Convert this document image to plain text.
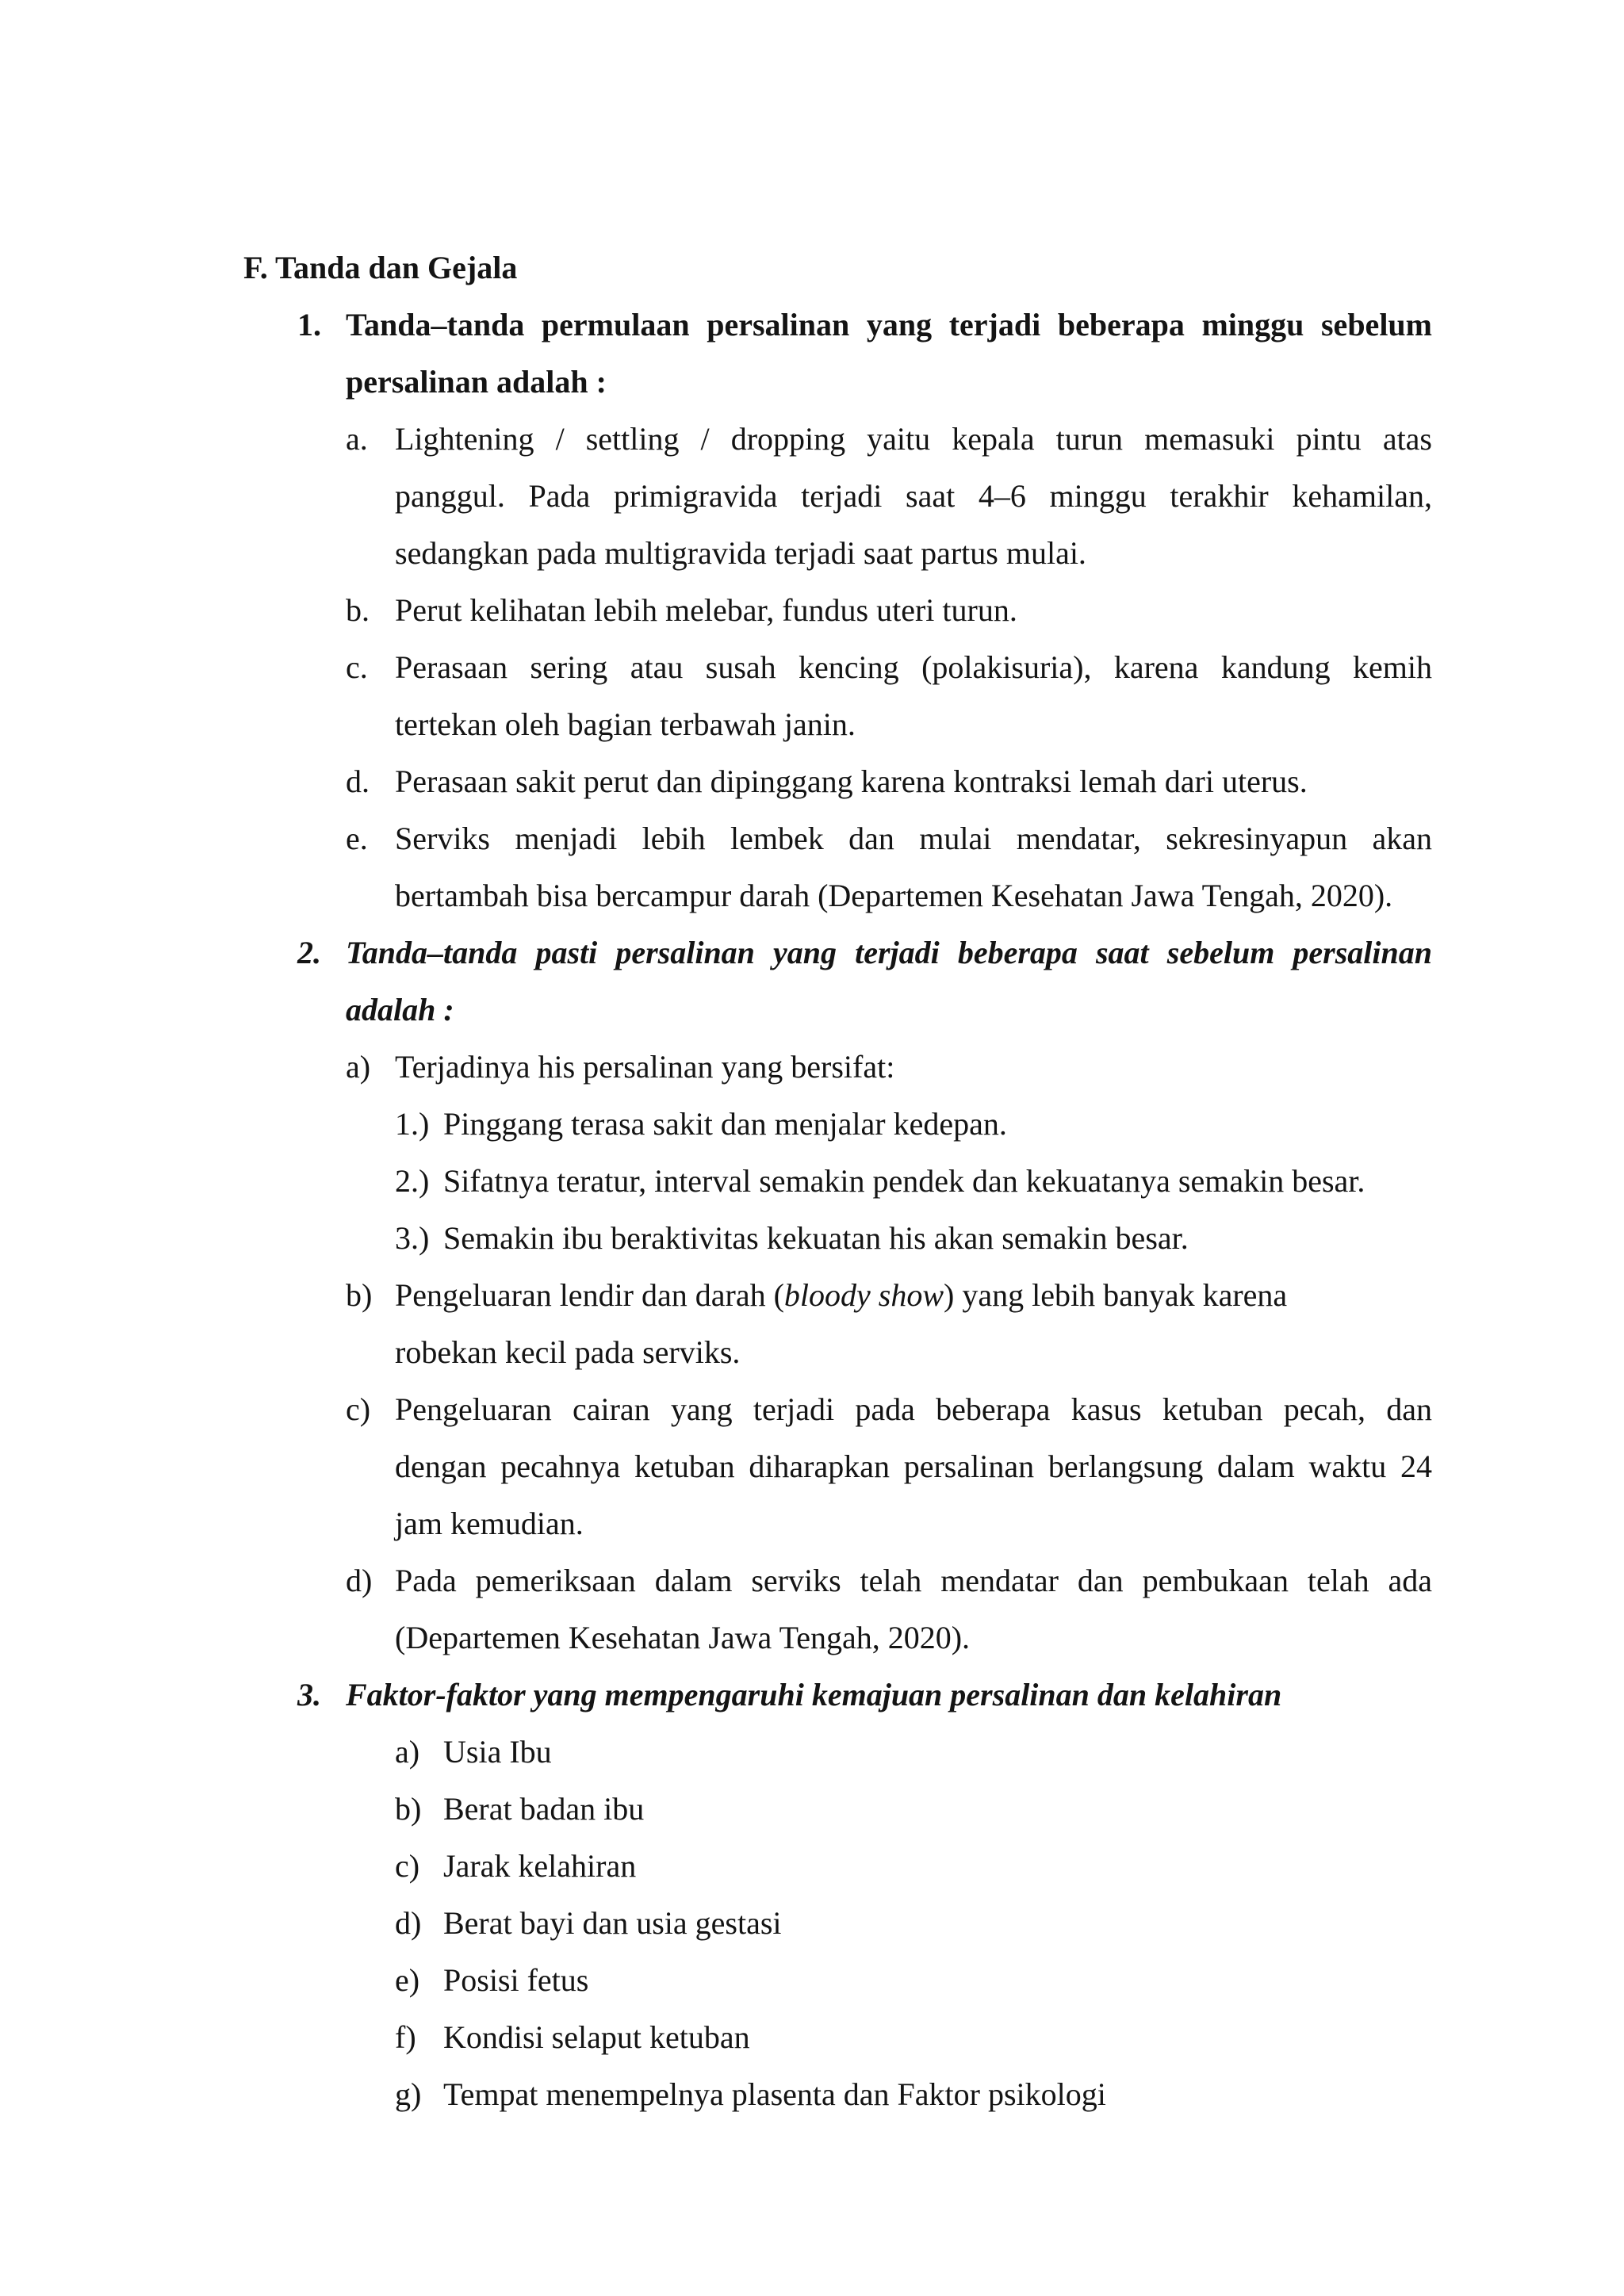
F. Tanda dan Gejala
1. Tanda–tanda permulaan persalinan yang terjadi beberapa minggu sebelum
persalinan adalah :
a. Lightening / settling / dropping yaitu kepala turun memasuki pintu atas
panggul. Pada primigravida terjadi saat 4–6 minggu terakhir kehamilan,
sedangkan pada multigravida terjadi saat partus mulai.
b. Perut kelihatan lebih melebar, fundus uteri turun.
c. Perasaan sering atau susah kencing (polakisuria), karena kandung kemih
tertekan oleh bagian terbawah janin.
d. Perasaan sakit perut dan dipinggang karena kontraksi lemah dari uterus.
e. Serviks menjadi lebih lembek dan mulai mendatar, sekresinyapun akan
bertambah bisa bercampur darah (Departemen Kesehatan Jawa Tengah, 2020).
2. Tanda–tanda pasti persalinan yang terjadi beberapa saat sebelum persalinan
adalah :
a) Terjadinya his persalinan yang bersifat:
1.) Pinggang terasa sakit dan menjalar kedepan.
2.) Sifatnya teratur, interval semakin pendek dan kekuatanya semakin besar.
3.) Semakin ibu beraktivitas kekuatan his akan semakin besar.
b) Pengeluaran lendir dan darah (bloody show) yang lebih banyak karena
robekan kecil pada serviks.
c) Pengeluaran cairan yang terjadi pada beberapa kasus ketuban pecah, dan
dengan pecahnya ketuban diharapkan persalinan berlangsung dalam waktu 24
jam kemudian.
d) Pada pemeriksaan dalam serviks telah mendatar dan pembukaan telah ada
(Departemen Kesehatan Jawa Tengah, 2020).
3. Faktor-faktor yang mempengaruhi kemajuan persalinan dan kelahiran
a) Usia Ibu
b) Berat badan ibu
c) Jarak kelahiran
d) Berat bayi dan usia gestasi
e) Posisi fetus
f) Kondisi selaput ketuban
g) Tempat menempelnya plasenta dan Faktor psikologi
